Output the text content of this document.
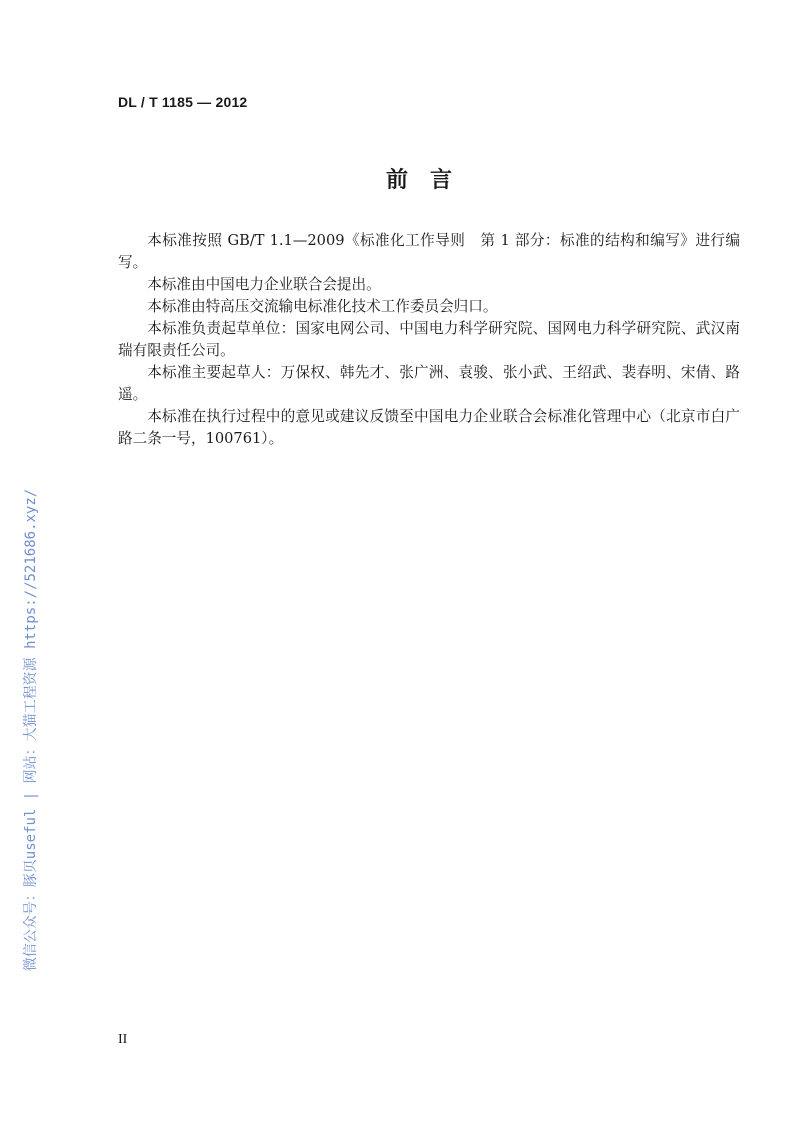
DL / T 1185 — 2012
前言

本标准按照 GB/T 1.1—2009《标准化工作导则　第 1 部分：标准的结构和编写》进行编写。

本标准由中国电力企业联合会提出。

本标准由特高压交流输电标准化技术工作委员会归口。

本标准负责起草单位：国家电网公司、中国电力科学研究院、国网电力科学研究院、武汉南瑞有限责任公司。

本标准主要起草人：万保权、韩先才、张广洲、袁骏、张小武、王绍武、裴春明、宋倩、路遥。

本标准在执行过程中的意见或建议反馈至中国电力企业联合会标准化管理中心（北京市白广路二条一号，100761）。

II
微信公众号：豚贝useful | 网站：大猫工程资源 https://521686.xyz/
